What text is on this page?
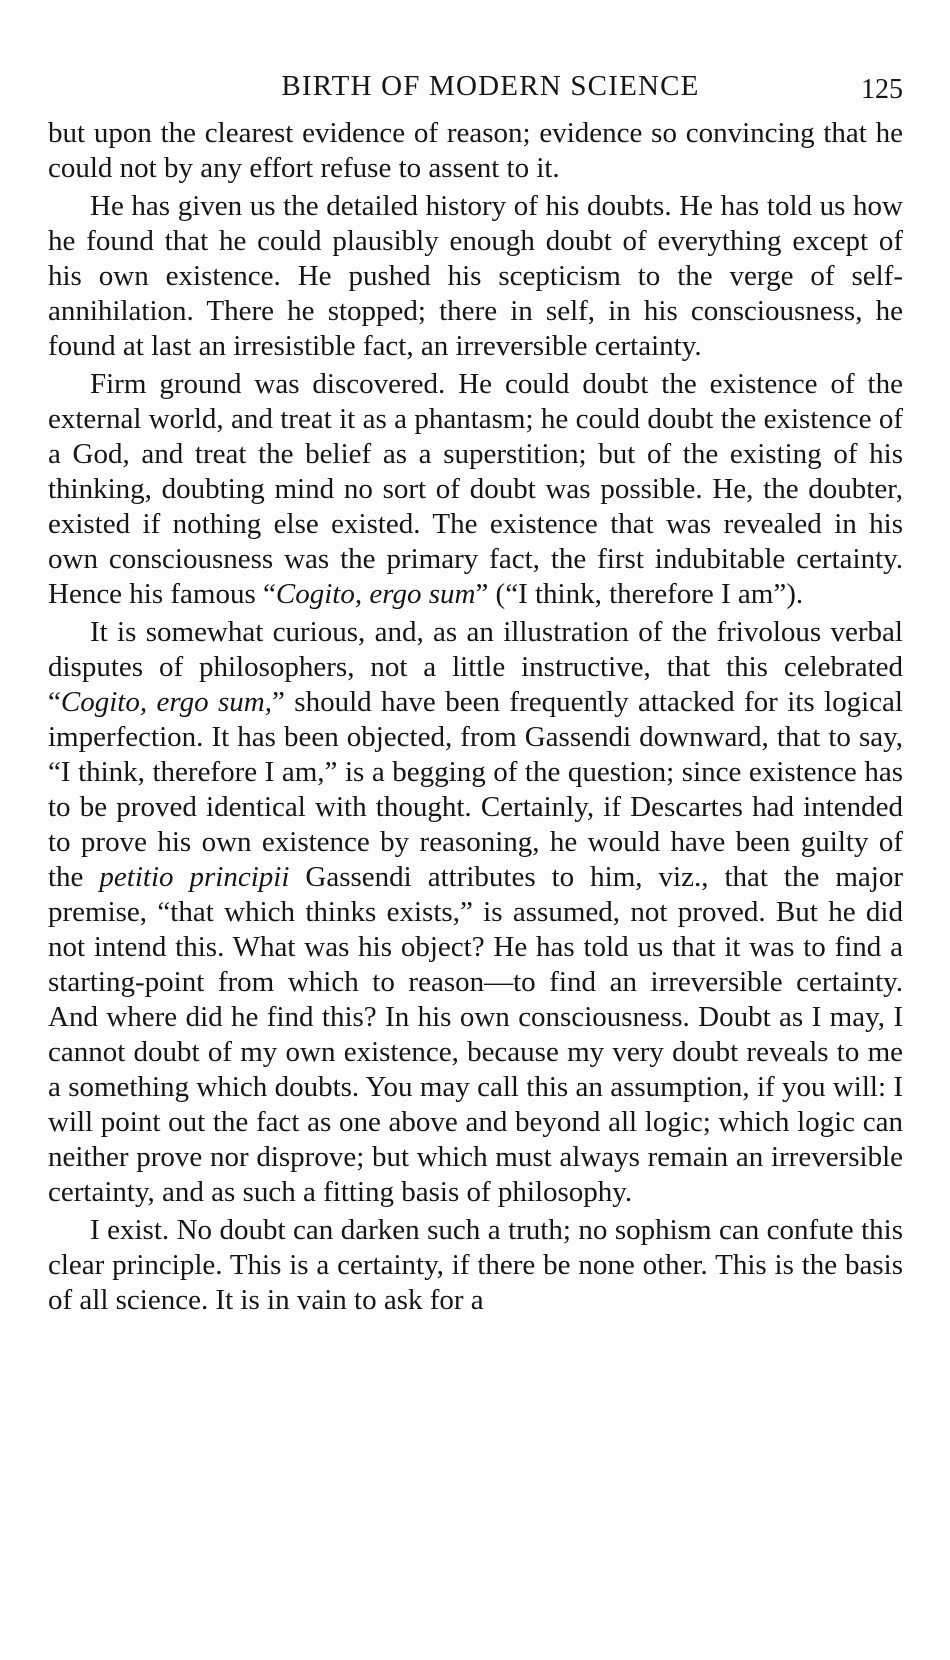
BIRTH OF MODERN SCIENCE	125

but upon the clearest evidence of reason; evidence so convincing that he could not by any effort refuse to assent to it.

He has given us the detailed history of his doubts. He has told us how he found that he could plausibly enough doubt of everything except of his own existence. He pushed his scepticism to the verge of self-annihilation. There he stopped; there in self, in his consciousness, he found at last an irresistible fact, an irreversible certainty.

Firm ground was discovered. He could doubt the existence of the external world, and treat it as a phantasm; he could doubt the existence of a God, and treat the belief as a superstition; but of the existing of his thinking, doubting mind no sort of doubt was possible. He, the doubter, existed if nothing else existed. The existence that was revealed in his own consciousness was the primary fact, the first indubitable certainty. Hence his famous “Cogito, ergo sum” (“I think, therefore I am”).

It is somewhat curious, and, as an illustration of the frivolous verbal disputes of philosophers, not a little instructive, that this celebrated “Cogito, ergo sum,” should have been frequently attacked for its logical imperfection. It has been objected, from Gassendi downward, that to say, “I think, therefore I am,” is a begging of the question; since existence has to be proved identical with thought. Certainly, if Descartes had intended to prove his own existence by reasoning, he would have been guilty of the petitio principii Gassendi attributes to him, viz., that the major premise, “that which thinks exists,” is assumed, not proved. But he did not intend this. What was his object? He has told us that it was to find a starting-point from which to reason—to find an irreversible certainty. And where did he find this? In his own consciousness. Doubt as I may, I cannot doubt of my own existence, because my very doubt reveals to me a something which doubts. You may call this an assumption, if you will: I will point out the fact as one above and beyond all logic; which logic can neither prove nor disprove; but which must always remain an irreversible certainty, and as such a fitting basis of philosophy.

I exist. No doubt can darken such a truth; no sophism can confute this clear principle. This is a certainty, if there be none other. This is the basis of all science. It is in vain to ask for a
